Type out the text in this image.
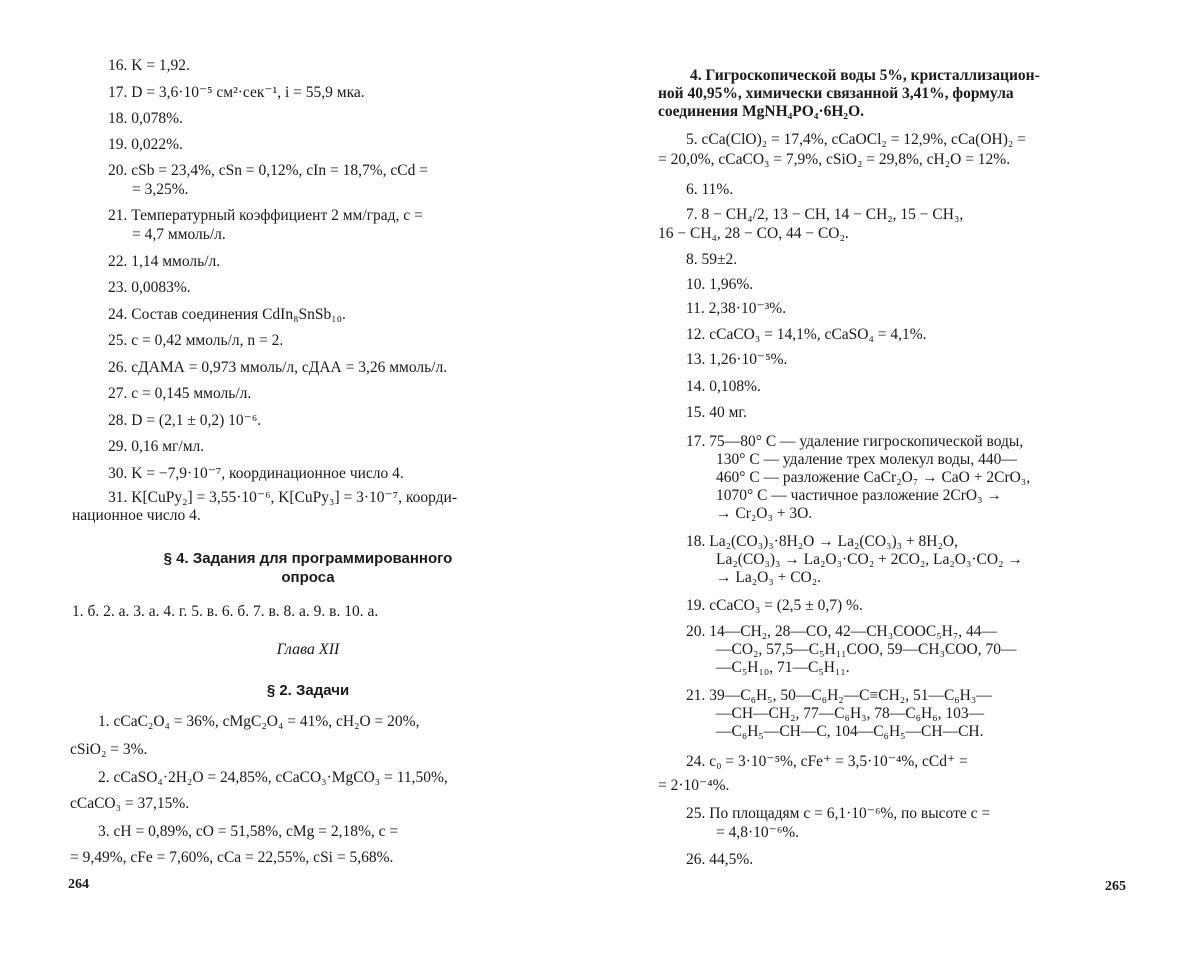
16. K = 1,92.
17. D = 3,6·10⁻⁵ см²·сек⁻¹, i = 55,9 мка.
18. 0,078%.
19. 0,022%.
20. cSb = 23,4%, cSn = 0,12%, cIn = 18,7%, cCd =
= 3,25%.
21. Температурный коэффициент 2 мм/град, c =
= 4,7 ммоль/л.
22. 1,14 ммоль/л.
23. 0,0083%.
24. Состав соединения CdIn₈SnSb₁₀.
25. c = 0,42 ммоль/л, n = 2.
26. cДАМА = 0,973 ммоль/л, cДАА = 3,26 ммоль/л.
27. c = 0,145 ммоль/л.
28. D = (2,1 ± 0,2) 10⁻⁶.
29. 0,16 мг/мл.
30. K = −7,9·10⁻⁷, координационное число 4.
31. K[CuPy₂] = 3,55·10⁻⁶, K[CuPy₃] = 3·10⁻⁷, коорди-
национное число 4.
1. б. 2. а. 3. а. 4. г. 5. в. 6. б. 7. в. 8. а. 9. в. 10. а.
1. cCaC₂O₄ = 36%, cMgC₂O₄ = 41%, cH₂O = 20%,
cSiO₂ = 3%.
2. cCaSO₄·2H₂O = 24,85%, cCaCO₃·MgCO₃ = 11,50%,
cCaCO₃ = 37,15%.
3. cH = 0,89%, cO = 51,58%, cMg = 2,18%, c =
= 9,49%, cFe = 7,60%, cCa = 22,55%, cSi = 5,68%.
§ 4. Задания для программированного
опроса
Глава XII
§ 2. Задачи
264
4. Гигроскопической воды 5%, кристаллизацион-
ной 40,95%, химически связанной 3,41%, формула
соединения MgNH₄PO₄·6H₂O.
5. cCa(ClO)₂ = 17,4%, cCaOCl₂ = 12,9%, cCa(OH)₂ =
= 20,0%, cCaCO₃ = 7,9%, cSiO₂ = 29,8%, cH₂O = 12%.
6. 11%.
7. 8 − CH₄/2, 13 − CH, 14 − CH₂, 15 − CH₃,
16 − CH₄, 28 − CO, 44 − CO₂.
8. 59±2.
10. 1,96%.
11. 2,38·10⁻³%.
12. cCaCO₃ = 14,1%, cCaSO₄ = 4,1%.
13. 1,26·10⁻⁵%.
14. 0,108%.
15. 40 мг.
17. 75—80° C — удаление гигроскопической воды,
130° C — удаление трех молекул воды, 440—
460° C — разложение CaCr₂O₇ → CaO + 2CrO₃,
1070° C — частичное разложение 2CrO₃ →
→ Cr₂O₃ + 3O.
18. La₂(CO₃)₃·8H₂O → La₂(CO₃)₃ + 8H₂O,
La₂(CO₃)₃ → La₂O₃·CO₂ + 2CO₂, La₂O₃·CO₂ →
→ La₂O₃ + CO₂.
19. cCaCO₃ = (2,5 ± 0,7) %.
20. 14—CH₂, 28—CO, 42—CH₃COOC₅H₇, 44—
—CO₂, 57,5—C₅H₁₁COO, 59—CH₃COO, 70—
—C₅H₁₀, 71—C₅H₁₁.
21. 39—C₆H₅, 50—C₆H₂—C≡CH₂, 51—C₆H₃—
—CH—CH₂, 77—C₆H₃, 78—C₆H₆, 103—
—C₆H₅—CH—C, 104—C₆H₅—CH—CH.
24. c₀ = 3·10⁻⁵%, cFe⁺ = 3,5·10⁻⁴%, cCd⁺ =
= 2·10⁻⁴%.
25. По площадям c = 6,1·10⁻⁶%, по высоте c =
= 4,8·10⁻⁶%.
26. 44,5%.
265
